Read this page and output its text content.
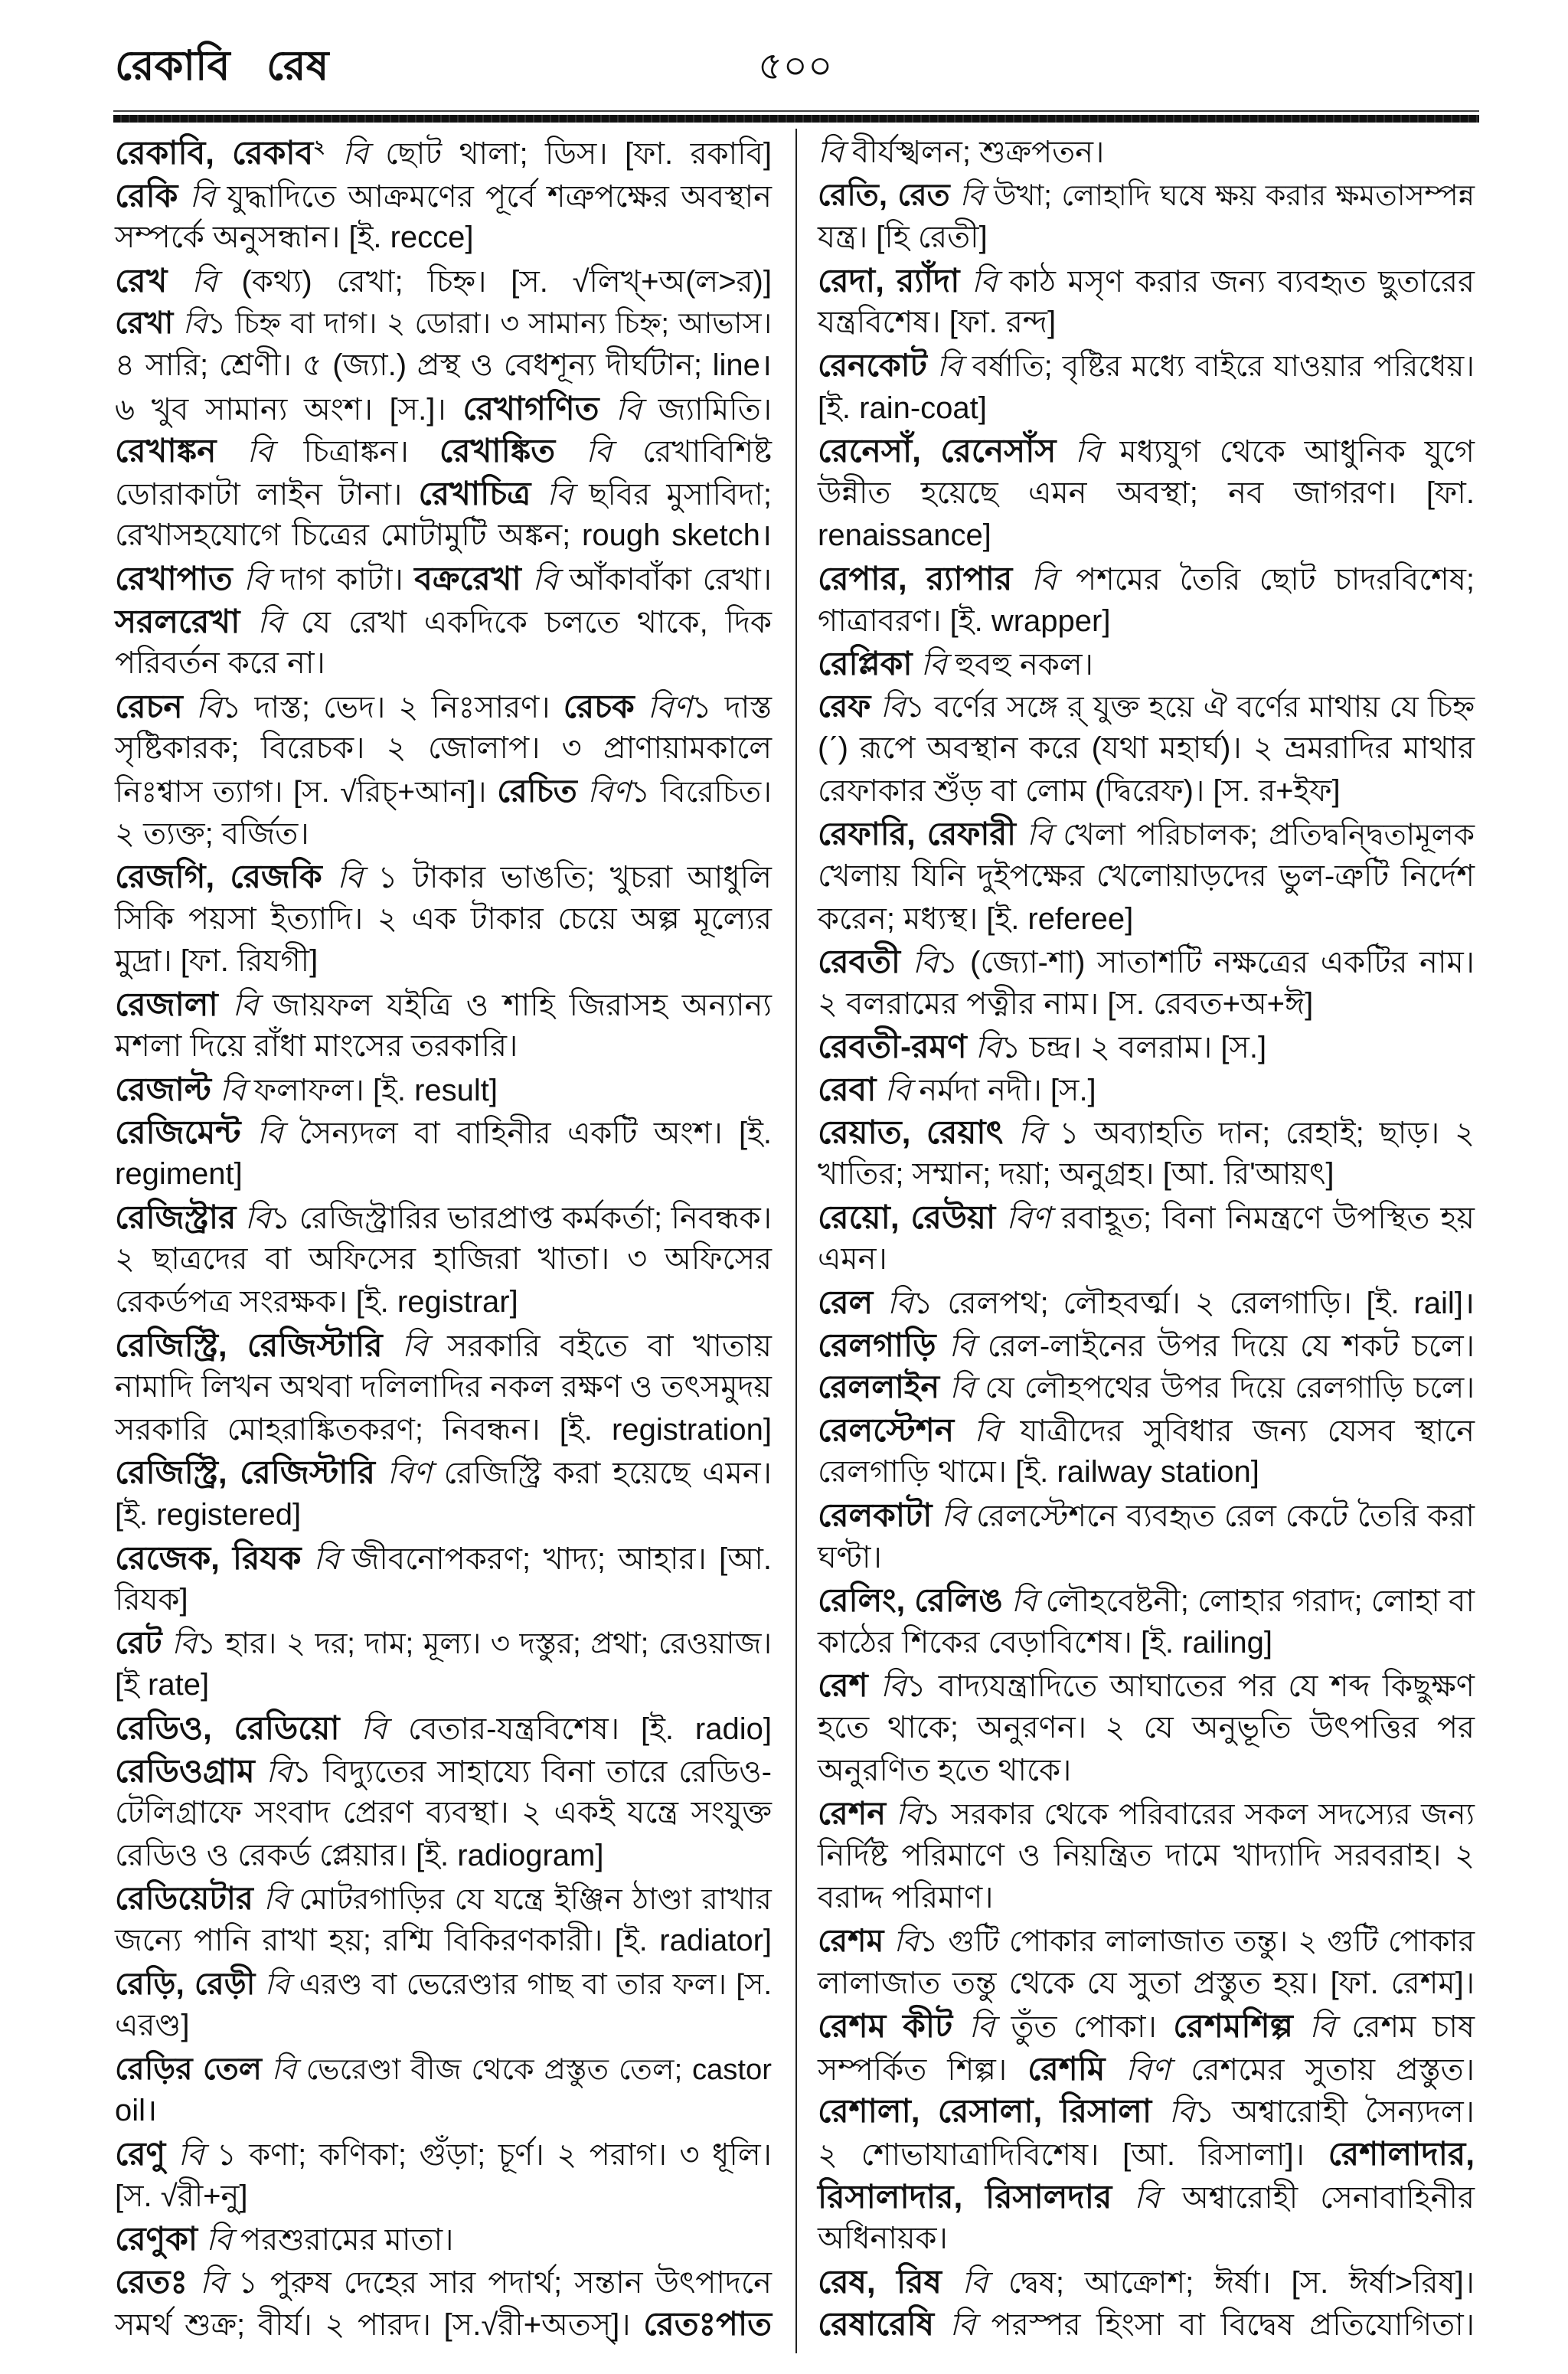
রেকাবি রেষ	৫০০
রেকাবি, রেকাব$^২$ বি ছোট থালা; ডিস। [ফা. রকাবি]
রেকি বি যুদ্ধাদিতে আক্রমণের পূর্বে শত্রুপক্ষের অবস্থান
সম্পর্কে অনুসন্ধান। [ই. recce]
রেখ বি (কথ্য) রেখা; চিহ্ন। [স. √লিখ্+অ(ল>র)]
রেখা বি১ চিহ্ন বা দাগ। ২ ডোরা। ৩ সামান্য চিহ্ন; আভাস।
৪ সারি; শ্রেণী। ৫ (জ্যা.) প্রস্থ ও বেধশূন্য দীর্ঘটান; line।
৬ খুব সামান্য অংশ। [স.]। রেখাগণিত বি জ্যামিতি।
রেখাঙ্কন বি চিত্রাঙ্কন। রেখাঙ্কিত বি রেখাবিশিষ্ট
ডোরাকাটা লাইন টানা। রেখাচিত্র বি ছবির মুসাবিদা;
রেখাসহযোগে চিত্রের মোটামুটি অঙ্কন; rough sketch।
রেখাপাত বি দাগ কাটা। বক্ররেখা বি আঁকাবাঁকা রেখা।
সরলরেখা বি যে রেখা একদিকে চলতে থাকে, দিক
পরিবর্তন করে না।
রেচন বি১ দাস্ত; ভেদ। ২ নিঃসারণ। রেচক বিণ১ দাস্ত
সৃষ্টিকারক; বিরেচক। ২ জোলাপ। ৩ প্রাণায়ামকালে
নিঃশ্বাস ত্যাগ। [স. √রিচ্+আন]। রেচিত বিণ১ বিরেচিত।
২ ত্যক্ত; বর্জিত।
রেজগি, রেজকি বি ১ টাকার ভাঙতি; খুচরা আধুলি
সিকি পয়সা ইত্যাদি। ২ এক টাকার চেয়ে অল্প মূল্যের
মুদ্রা। [ফা. রিযগী]
রেজালা বি জায়ফল যইত্রি ও শাহি জিরাসহ অন্যান্য
মশলা দিয়ে রাঁধা মাংসের তরকারি।
রেজাল্ট বি ফলাফল। [ই. result]
রেজিমেন্ট বি সৈন্যদল বা বাহিনীর একটি অংশ। [ই.
regiment]
রেজিস্ট্রার বি১ রেজিস্ট্রারির ভারপ্রাপ্ত কর্মকর্তা; নিবন্ধক।
২ ছাত্রদের বা অফিসের হাজিরা খাতা। ৩ অফিসের
রেকর্ডপত্র সংরক্ষক। [ই. registrar]
রেজিস্ট্রি, রেজিস্টারি বি সরকারি বইতে বা খাতায়
নামাদি লিখন অথবা দলিলাদির নকল রক্ষণ ও তৎসমুদয়
সরকারি মোহরাঙ্কিতকরণ; নিবন্ধন। [ই. registration]
রেজিস্ট্রি, রেজিস্টারি বিণ রেজিস্ট্রি করা হয়েছে এমন।
[ই. registered]
রেজেক, রিযক বি জীবনোপকরণ; খাদ্য; আহার। [আ.
রিযক]
রেট বি১ হার। ২ দর; দাম; মূল্য। ৩ দস্তুর; প্রথা; রেওয়াজ।
[ই rate]
রেডিও, রেডিয়ো বি বেতার-যন্ত্রবিশেষ। [ই. radio]
রেডিওগ্রাম বি১ বিদ্যুতের সাহায্যে বিনা তারে রেডিও-
টেলিগ্রাফে সংবাদ প্রেরণ ব্যবস্থা। ২ একই যন্ত্রে সংযুক্ত
রেডিও ও রেকর্ড প্লেয়ার। [ই. radiogram]
রেডিয়েটার বি মোটরগাড়ির যে যন্ত্রে ইঞ্জিন ঠাণ্ডা রাখার
জন্যে পানি রাখা হয়; রশ্মি বিকিরণকারী। [ই. radiator]
রেড়ি, রেড়ী বি এরণ্ড বা ভেরেণ্ডার গাছ বা তার ফল। [স.
এরণ্ড]
রেড়ির তেল বি ভেরেণ্ডা বীজ থেকে প্রস্তুত তেল; castor
oil।
রেণু বি ১ কণা; কণিকা; গুঁড়া; চূর্ণ। ২ পরাগ। ৩ ধূলি।
[স. √রী+নু]
রেণুকা বি পরশুরামের মাতা।
রেতঃ বি ১ পুরুষ দেহের সার পদার্থ; সন্তান উৎপাদনে
সমর্থ শুক্র; বীর্য। ২ পারদ। [স.√রী+অতস্]। রেতঃপাত
বি বীর্যস্খলন; শুক্রপতন।
রেতি, রেত বি উখা; লোহাদি ঘষে ক্ষয় করার ক্ষমতাসম্পন্ন
যন্ত্র। [হি রেতী]
রেদা, র‍্যাঁদা বি কাঠ মসৃণ করার জন্য ব্যবহৃত ছুতারের
যন্ত্রবিশেষ। [ফা. রন্দ]
রেনকোট বি বর্ষাতি; বৃষ্টির মধ্যে বাইরে যাওয়ার পরিধেয়।
[ই. rain-coat]
রেনেসাঁ, রেনেসাঁস বি মধ্যযুগ থেকে আধুনিক যুগে
উন্নীত হয়েছে এমন অবস্থা; নব জাগরণ। [ফা.
renaissance]
রেপার, র‍্যাপার বি পশমের তৈরি ছোট চাদরবিশেষ;
গাত্রাবরণ। [ই. wrapper]
রেপ্লিকা বি হুবহু নকল।
রেফ বি১ বর্ণের সঙ্গে র্ যুক্ত হয়ে ঐ বর্ণের মাথায় যে চিহ্ন
(ˊ) রূপে অবস্থান করে (যথা মহার্ঘ)। ২ ভ্রমরাদির মাথার
রেফাকার শুঁড় বা লোম (দ্বিরেফ)। [স. র+ইফ]
রেফারি, রেফারী বি খেলা পরিচালক; প্রতিদ্বন্দ্বিতামূলক
খেলায় যিনি দুইপক্ষের খেলোয়াড়দের ভুল-ত্রুটি নির্দেশ
করেন; মধ্যস্থ। [ই. referee]
রেবতী বি১ (জ্যো-শা) সাতাশটি নক্ষত্রের একটির নাম।
২ বলরামের পত্নীর নাম। [স. রেবত+অ+ঈ]
রেবতী-রমণ বি১ চন্দ্র। ২ বলরাম। [স.]
রেবা বি নর্মদা নদী। [স.]
রেয়াত, রেয়াৎ বি ১ অব্যাহতি দান; রেহাই; ছাড়। ২
খাতির; সম্মান; দয়া; অনুগ্রহ। [আ. রি'আয়ৎ]
রেয়ো, রেউয়া বিণ রবাহূত; বিনা নিমন্ত্রণে উপস্থিত হয়
এমন।
রেল বি১ রেলপথ; লৌহবর্ত্ম। ২ রেলগাড়ি। [ই. rail]।
রেলগাড়ি বি রেল-লাইনের উপর দিয়ে যে শকট চলে।
রেললাইন বি যে লৌহপথের উপর দিয়ে রেলগাড়ি চলে।
রেলস্টেশন বি যাত্রীদের সুবিধার জন্য যেসব স্থানে
রেলগাড়ি থামে। [ই. railway station]
রেলকাটা বি রেলস্টেশনে ব্যবহৃত রেল কেটে তৈরি করা
ঘণ্টা।
রেলিং, রেলিঙ বি লৌহবেষ্টনী; লোহার গরাদ; লোহা বা
কাঠের শিকের বেড়াবিশেষ। [ই. railing]
রেশ বি১ বাদ্যযন্ত্রাদিতে আঘাতের পর যে শব্দ কিছুক্ষণ
হতে থাকে; অনুরণন। ২ যে অনুভূতি উৎপত্তির পর
অনুরণিত হতে থাকে।
রেশন বি১ সরকার থেকে পরিবারের সকল সদস্যের জন্য
নির্দিষ্ট পরিমাণে ও নিয়ন্ত্রিত দামে খাদ্যাদি সরবরাহ। ২
বরাদ্দ পরিমাণ।
রেশম বি১ গুটি পোকার লালাজাত তন্তু। ২ গুটি পোকার
লালাজাত তন্তু থেকে যে সুতা প্রস্তুত হয়। [ফা. রেশম]।
রেশম কীট বি তুঁত পোকা। রেশমশিল্প বি রেশম চাষ
সম্পর্কিত শিল্প। রেশমি বিণ রেশমের সুতায় প্রস্তুত।
রেশালা, রেসালা, রিসালা বি১ অশ্বারোহী সৈন্যদল।
২ শোভাযাত্রাদিবিশেষ। [আ. রিসালা]। রেশালাদার,
রিসালাদার, রিসালদার বি অশ্বারোহী সেনাবাহিনীর
অধিনায়ক।
রেষ, রিষ বি দ্বেষ; আক্রোশ; ঈর্ষা। [স. ঈর্ষা>রিষ]।
রেষারেষি বি পরস্পর হিংসা বা বিদ্বেষ প্রতিযোগিতা।
